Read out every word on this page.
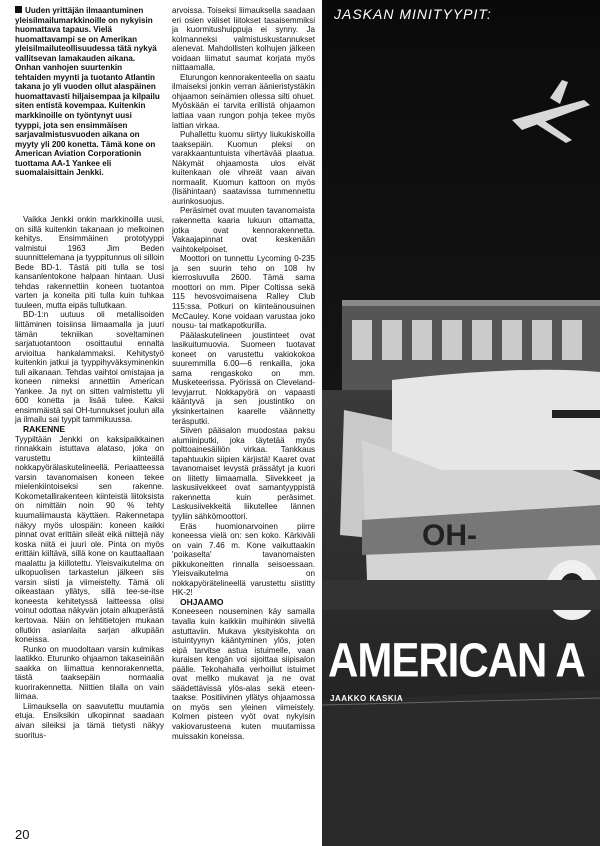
Uuden yrittäjän ilmaantuminen yleisilmailumarkkinoille on nykyisin huomattava tapaus. Vielä huomattavampi se on Amerikan yleisilmailuteollisuudessa tätä nykyä vallitsevan lamakauden aikana. Onhan vanhojen suurtenkin tehtaiden myynti ja tuotanto Atlantin takana jo yli vuoden ollut alaspäinen huomattavasti hiljaisempaa ja kilpailu siten entistä kovempaa. Kuitenkin markkinoille on työntynyt uusi tyyppi, jota sen ensimmäisen sarjavalmistusvuoden aikana on myyty yli 200 konetta. Tämä kone on American Aviation Corporationin tuottama AA-1 Yankee eli suomalaisittain Jenkki.

Vaikka Jenkki onkin markkinoilla uusi, on sillä kuitenkin takanaan jo melkoinen kehitys. Ensimmäinen prototyyppi valmistui 1963 Jim Beden suunnittelemana ja tyyppitunnus oli silloin Bede BD-1. Tästä piti tulla se tosi kansanlentokone halpaan hintaan. Uusi tehdas rakennettiin koneen tuotantoa varten ja koneita piti tulla kuin tuhkaa tuuleen, mutta eipäs tullutkaan.

BD-1:n uutuus oli metallisoiden liittäminen toisiinsa liimaamalla ja juuri tämän tekniikan soveltaminen sarjatuotantoon osoittautui ennalta arvioitua hankalammaksi. Kehitystyö kuitenkin jatkui ja tyyppihyväksyminenkin tuli aikanaan. Tehdas vaihtoi omistajaa ja koneen nimeksi annettiin American Yankee. Ja nyt on sitten valmistettu yli 600 konetta ja lisää tulee. Kaksi ensimmäistä sai OH-tunnukset joulun alla ja ilmailu sai tyypit tammikuussa.

RAKENNE

Tyypiltään Jenkki on kaksipaikkainen rinnakkain istuttava alataso, joka on varustettu kiinteällä nokkapyörälaskutelineellä. Periaatteessa varsin tavanomaisen koneen tekee mielenkiintoiseksi sen rakenne. Kokometallirakenteen kiinteistä liitoksista on nimittäin noin 90 % tehty kuumaliimausta käyttäen. Rakennetapa näkyy myös ulospäin: koneen kaikki pinnat ovat erittäin sileät eikä niittejä näy koska niitä ei juuri ole. Pinta on myös erittäin kiiltävä, sillä kone on kauttaaltaan maalattu ja kiillotettu. Yleisvaikutelma on ulkopuolisen tarkastelun jälkeen siis varsin siisti ja viimeistelty. Tämä oli oikeastaan yllätys, sillä tee-se-itse koneesta kehitetyssä laitteessa olisi voinut odottaa näkyvän jotain alkuperästä kertovaa. Näin on lehtitietojen mukaan ollutkin asianlaita sarjan alkupään koneissa.

Runko on muodoltaan varsin kulmikas laatikko. Eturunko ohjaamon takaseinään saakka on liimattua kennorakennetta, tästä taaksepäin normaalia kuorirakennetta. Niittien tilalla on vain liimaa.

Liimauksella on saavutettu muutamia etuja. Ensiksikin ulkopinnat saadaan aivan sileiksi ja tämä tietysti näkyy suoritus-

arvoissa. Toiseksi liimauksella saadaan eri osien väliset liitokset tasaisemmiksi ja kuormitushuippuja ei synny. Ja kolmanneksi valmistuskustannukset alenevat. Mahdollisten kolhujen jälkeen voidaan liimatut saumat korjata myös niittaamalla.

Eturungon kennorakenteella on saatu ilmaiseksi jonkin verran äänieristystäkin ohjaamon seinämien ollessa silti ohuet. Myöskään ei tarvita erillistä ohjaamon lattiaa vaan rungon pohja tekee myös lattian virkaa.

Puhallettu kuomu siirtyy liukukiskoilla taaksepäin. Kuomun pleksi on varakkaantuntuista vihertävää plaatua. Näkymät ohjaamosta ulos eivät kuitenkaan ole vihreät vaan aivan normaalit. Kuomun kattoon on myös (lisähintaan) saatavissa tummennettu aurinkosuojus.

Peräsimet ovat muuten tavanomaista rakennetta kaaria lukuun ottamatta, jotka ovat kennorakennetta. Vakaajapinnat ovat keskenään vaihtokelpoiset.

Moottori on tunnettu Lycoming 0-235 ja sen suurin teho on 108 hv kierrosluvulla 2600. Tämä sama moottori on mm. Piper Coltissa sekä 115 hevosvoimaisena Ralley Club 115:ssa. Potkuri on kiinteänousuinen McCauley. Kone voidaan varustaa joko nousu- tai matkapotkurilla.

Päälaskutelineen joustinteet ovat lasikuitumuovia. Suomeen tuotavat koneet on varustettu vakiokokoa suuremmilla 6.00—6 renkailla, joka sama rengaskoko on mm. Musketeerissa. Pyörissä on Cleveland-levyjarrut. Nokkapyörä on vapaasti kääntyvä ja sen joustintiko on yksinkertainen kaarelle väännetty teräsputki.

Siiven pääsalon muodostaa paksu alumiiniputki, joka täytetää myös polttoainesäiliön virkaa. Tankkaus tapahtuukin siipien kärjistä! Kaaret ovat tavanomaiset levystä prässätyt ja kuori on liitetty liimaamalla. Siivekkeet ja laskusiivekkeet ovat samantyyppistä rakennetta kuin peräsimet. Laskusiivekkeitä liikutellee lännen tyyliin sähkömoottori.

Eräs huomionarvoinen piirre koneessa vielä on: sen koko. Kärkiväli on vain 7.46 m. Kone vaikuttaakin 'poikaselta' tavanomaisten pikkukoneitten rinnalla seisoessaan. Yleisvaikutelma on nokkapyörätelineellä varustettu siistitty HK-2!

OHJAAMO

Koneeseen nouseminen käy samalla tavalla kuin kaikkiin muihinkin siiveltä astuttaviin. Mukava yksityiskohta on istuintyynyn kääntyminen ylös, joten eipä tarvitse astua istuimelle, vaan kuraisen kengän voi sijoittaa siipisalon päälle. Tekohahalla verhoillut istuimet ovat mellko mukavat ja ne ovat säädettävissä ylös-alas sekä eteen-taakse. Positiivinen yllätys ohjaamossa on myös sen yleinen viimeistely. Kolmen pisteen vyöt ovat nykyisin vakiovarusteena kuten muutamissa muissakin koneissa.

OH-
JASKAN MINITYYPIT:
AMERICAN A
JAAKKO KASKIA
20
